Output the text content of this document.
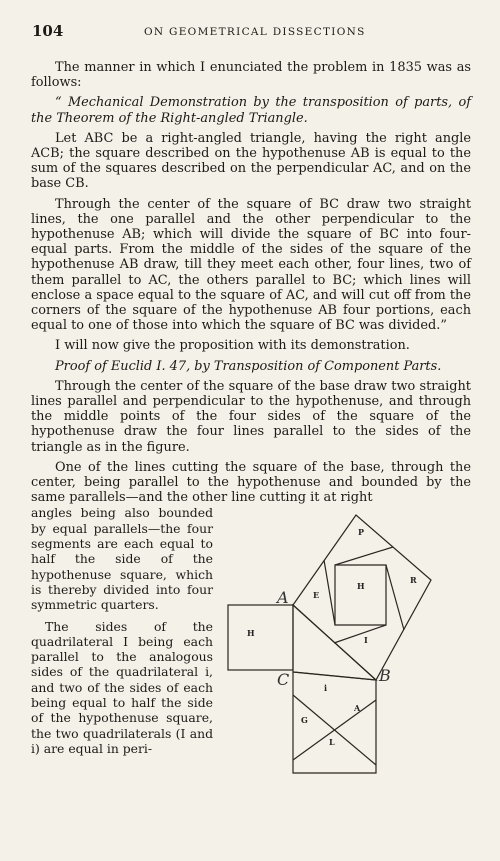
104	ON GEOMETRICAL DISSECTIONS

The manner in which I enunciated the problem in 1835 was as follows:

“ Mechanical Demonstration by the transposition of parts, of the Theorem of the Right-angled Triangle.

Let ABC be a right-angled triangle, having the right angle ACB; the square described on the hypothenuse AB is equal to the sum of the squares described on the perpendicular AC, and on the base CB.

Through the center of the square of BC draw two straight lines, the one parallel and the other perpendicular to the hypothenuse AB; which will divide the square of BC into four-equal parts. From the middle of the sides of the square of the hypothenuse AB draw, till they meet each other, four lines, two of them parallel to AC, the others parallel to BC; which lines will enclose a space equal to the square of AC, and will cut off from the corners of the square of the hypothenuse AB four portions, each equal to one of those into which the square of BC was divided.”

I will now give the proposition with its demonstration.

Proof of Euclid I. 47, by Transposition of Component Parts.

Through the center of the square of the base draw two straight lines parallel and perpendicular to the hypothenuse, and through the middle points of the four sides of the square of the hypothenuse draw the four lines parallel to the sides of the triangle as in the figure.

One of the lines cutting the square of the base, through the center, being parallel to the hypothenuse and bounded by the same parallels—and the other line cutting it at right

angles being also bounded by equal parallels—the four segments are each equal to half the side of the hypothenuse square, which is thereby divided into four symmetric quarters.

The sides of the quadrilateral I being each parallel to the analogous sides of the quadrilateral i, and two of the sides of each being equal to half the side of the hypothenuse square, the two quadrilaterals (I and i) are equal in peri-

P
R
E
H
H
I
i
G
A
L
A
C	B
